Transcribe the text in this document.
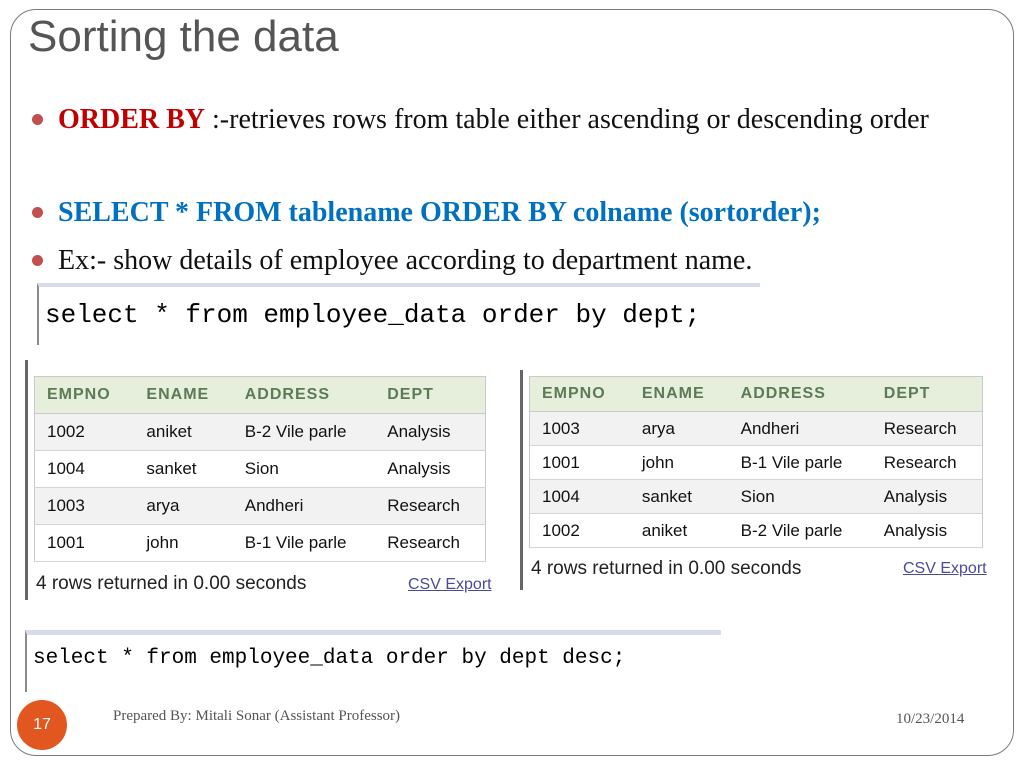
Sorting the data
ORDER BY :-retrieves rows from table either ascending or descending order
SELECT * FROM tablename ORDER BY colname (sortorder);
Ex:- show details of employee according to department name.
select * from employee_data order by dept;
EMPNO	ENAME	ADDRESS	DEPT
1002	aniket	B-2 Vile parle	Analysis
1004	sanket	Sion	Analysis
1003	arya	Andheri	Research
1001	john	B-1 Vile parle	Research
4 rows returned in 0.00 seconds	CSV Export
EMPNO	ENAME	ADDRESS	DEPT
1003	arya	Andheri	Research
1001	john	B-1 Vile parle	Research
1004	sanket	Sion	Analysis
1002	aniket	B-2 Vile parle	Analysis
4 rows returned in 0.00 seconds	CSV Export
select * from employee_data order by dept desc;
17	Prepared By: Mitali Sonar (Assistant Professor)	10/23/2014
